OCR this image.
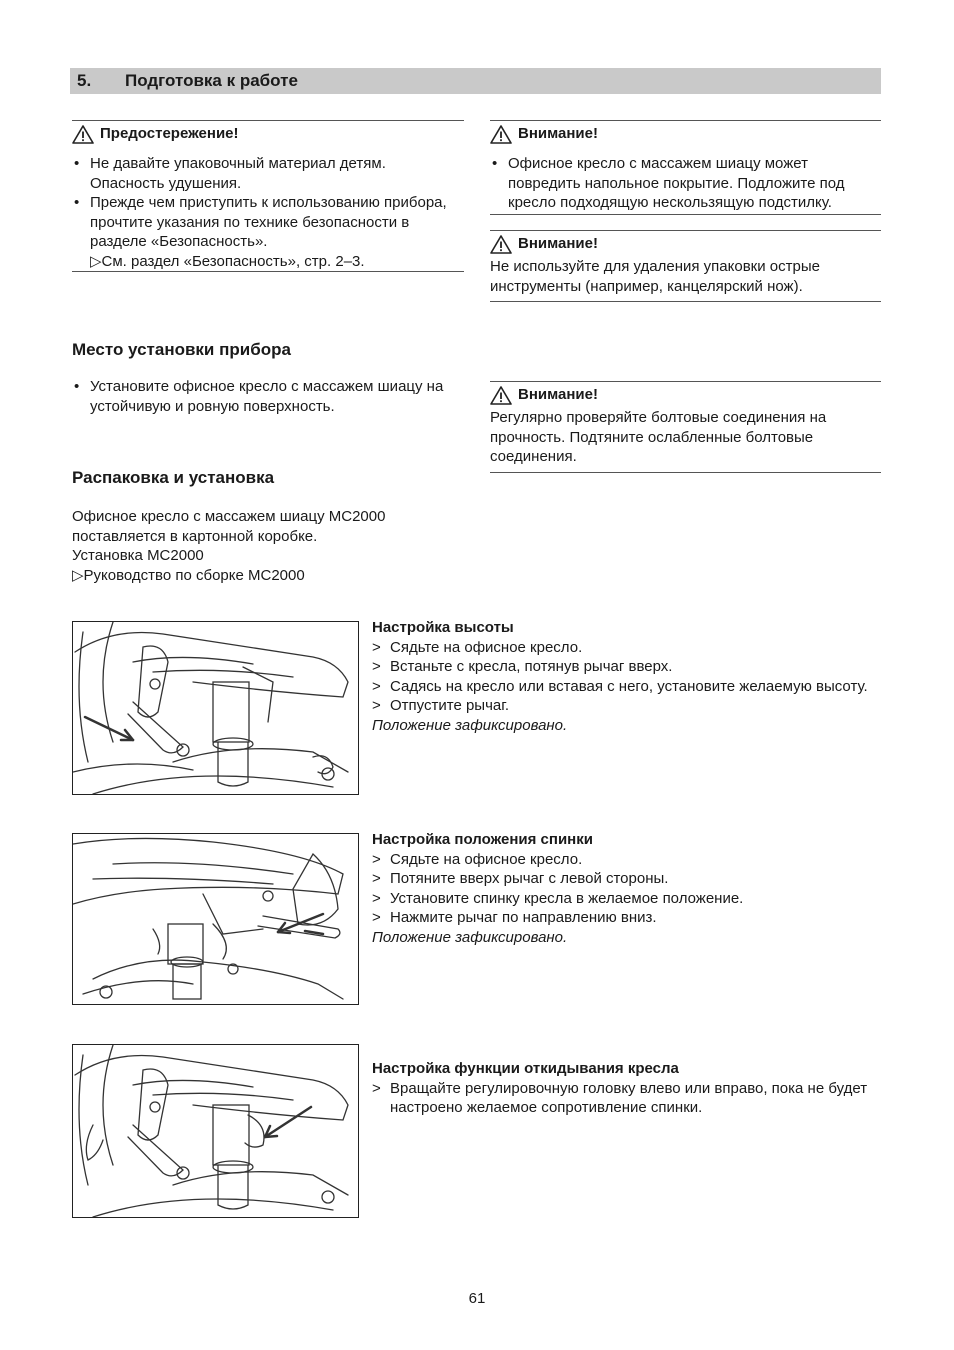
5. Подготовка к работе
Предостережение!
• Не давайте упаковочный материал детям. Опасность удушения.
• Прежде чем приступить к использованию прибора, прочтите указания по технике безопасности в разделе «Безопасность».
▷См. раздел «Безопасность», стр. 2–3.
Внимание!
• Офисное кресло с массажем шиацу может повредить напольное покрытие. Подложите под кресло подходящую нескользящую подстилку.
Внимание!
Не используйте для удаления упаковки острые инструменты (например, канцелярский нож).
Место установки прибора
• Установите офисное кресло с массажем шиацу на устойчивую и ровную поверхность.
Внимание!
Регулярно проверяйте болтовые соединения на прочность. Подтяните ослабленные болтовые соединения.
Распаковка и установка
Офисное кресло с массажем шиацу MC2000
поставляется в картонной коробке.
Установка MC2000
▷Руководство по сборке MC2000
Настройка высоты
> Сядьте на офисное кресло.
> Встаньте с кресла, потянув рычаг вверх.
> Садясь на кресло или вставая с него, установите желаемую высоту.
> Отпустите рычаг.
Положение зафиксировано.
Настройка положения спинки
> Сядьте на офисное кресло.
> Потяните вверх рычаг с левой стороны.
> Установите спинку кресла в желаемое положение.
> Нажмите рычаг по направлению вниз.
Положение зафиксировано.
Настройка функции откидывания кресла
> Вращайте регулировочную головку влево или вправо, пока не будет настроено желаемое сопротивление спинки.
61
